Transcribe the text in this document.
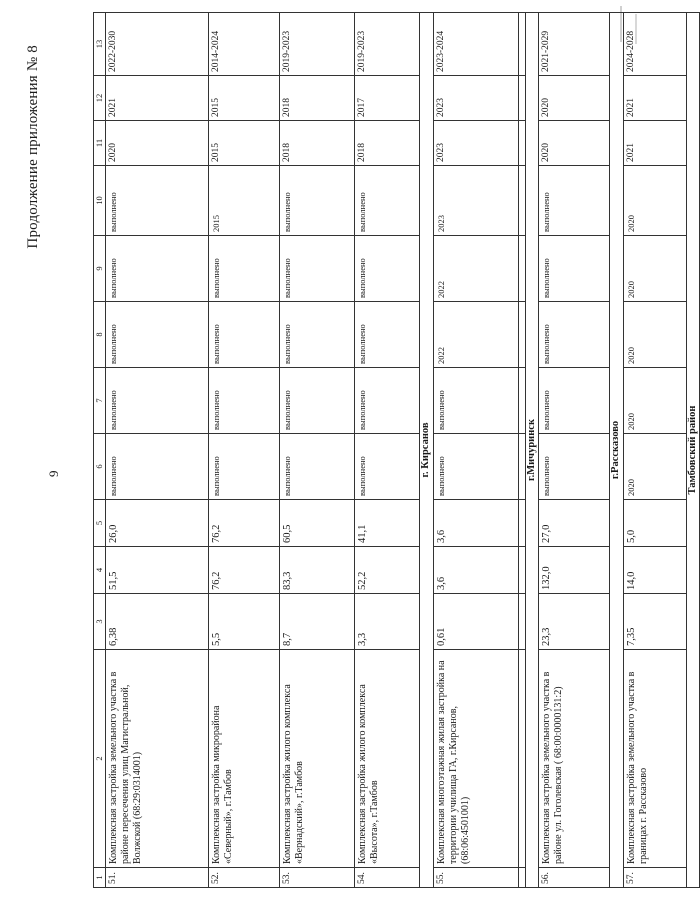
Продолжение приложения № 8
9
1	2	3	4	5	6	7	8	9	10	11	12	13
51.	Комплексная застройка земельного участка в районе пересечения улиц Магистральной, Волжской (68:29:0314001)	6,38	51,5	26,0	выполнено	выполнено	выполнено	выполнено	выполнено	2020	2021	2022-2030
52.	Комплексная застройка микрорайона «Северный», г.Тамбов	5,5	76,2	76,2	выполнено	выполнено	выполнено	выполнено	2015	2015	2015	2014-2024
53.	Комплексная застройка жилого комплекса «Вернадский», г.Тамбов	8,7	83,3	60,5	выполнено	выполнено	выполнено	выполнено	выполнено	2018	2018	2019-2023
54.	Комплексная застройка жилого комплекса «Высота», г.Тамбов	3,3	52,2	41,1	выполнено	выполнено	выполнено	выполнено	выполнено	2018	2017	2019-2023
г. Кирсанов												
55.	Комплексная многоэтажная жилая застройка на территории училища ГА, г.Кирсанов, (68:06:4501001)	0,61	3,6	3,6	выполнено	выполнено	2022	2022	2023	2023	2023	2023-2024

г.Мичуринск												
56.	Комплексная застройка земельного участка в районе ул. Гоголевская ( 68:00:0000131:2)	23,3	132,0	27,0	выполнено	выполнено	выполнено	выполнено	выполнено	2020	2020	2021-2029
г.Рассказово												
57.	Комплексная застройка земельного участка в границах г. Рассказово	7,35	14,0	5,0	2020	2020	2020	2020	2020	2021	2021	2024-2028
Тамбовский район												
